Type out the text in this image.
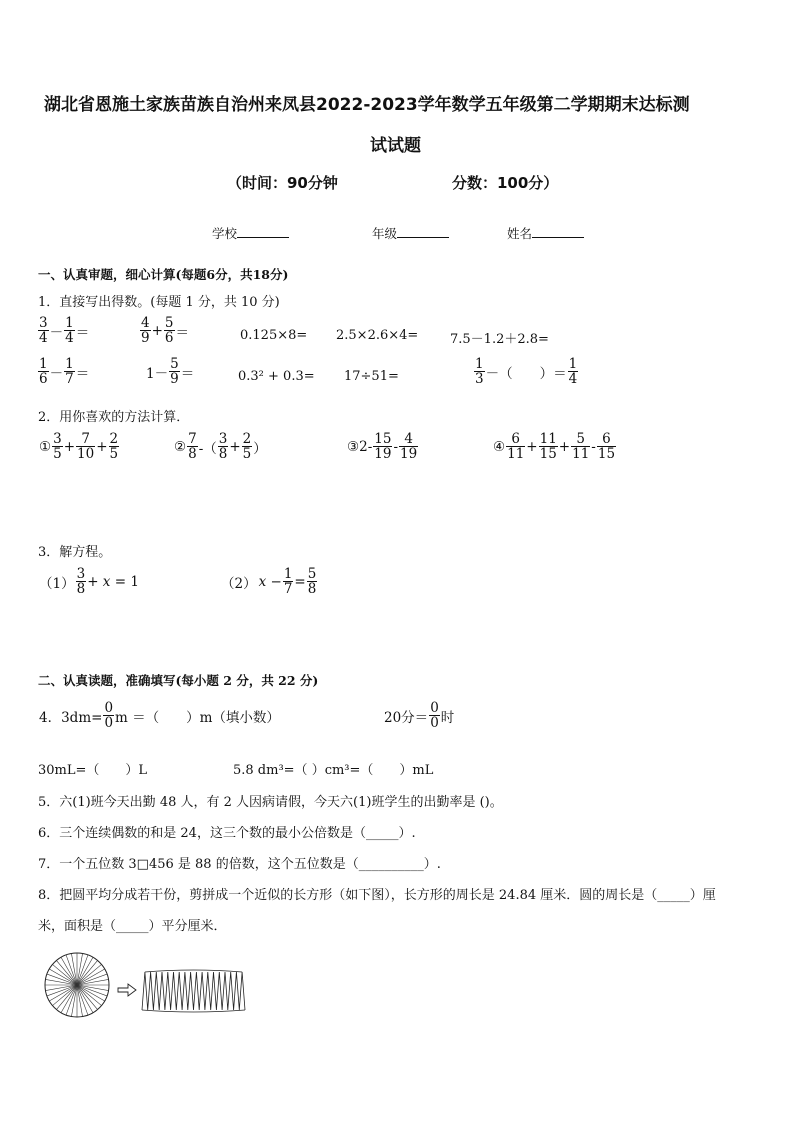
湖北省恩施土家族苗族自治州来凤县2022-2023学年数学五年级第二学期期末达标测
试试题
（时间：90分钟	分数：100分）
学校	年级	姓名
一、认真审题，细心计算(每题6分，共18分)
1．直接写出得数。(每题 1 分，共 10 分)
$\frac{3}{4} - \frac{1}{4}$ ＝	$\frac{4}{9} + \frac{5}{6}$ ＝	0.125×8= 2.5×2.6×4= 7.5－1.2＋2.8=
$\frac{1}{6} - \frac{1}{7}$ ＝	$1- \frac{5}{9}$ ＝	0.3² + 0.3= 17÷51=	$\frac{1}{3}$ －（　　）＝ $\frac{1}{4}$
2．用你喜欢的方法计算．
① $\frac{3}{5} + \frac{7}{10} + \frac{2}{5}$	② $\frac{7}{8}$ -（ $\frac{3}{8} + \frac{2}{5}$ ）	③2- $\frac{15}{19} - \frac{4}{19}$	④ $\frac{6}{11} + \frac{11}{15} + \frac{5}{11} - \frac{6}{15}$
3．解方程。
$(1) \frac{3}{8} + x = 1$	（2） $x - \frac{1}{7} = \frac{5}{8}$
二、认真读题，准确填写(每小题 2 分，共 22 分)
4．$3dm= \frac{0}{0}$ m ＝（　　）m（填小数）	20分＝ $\frac{0}{0}$ 时
30mL=（　　）L	5.8 dm³=（ ）cm³=（　　）mL
5．六(1)班今天出勤 48 人，有 2 人因病请假，今天六(1)班学生的出勤率是 ()。
6．三个连续偶数的和是 24，这三个数的最小公倍数是（_____）.
7．一个五位数 3□456 是 88 的倍数，这个五位数是（__________）.
8．把圆平均分成若干份，剪拼成一个近似的长方形（如下图），长方形的周长是 24.84 厘米．圆的周长是（_____）厘
米，面积是（_____）平分厘米．
